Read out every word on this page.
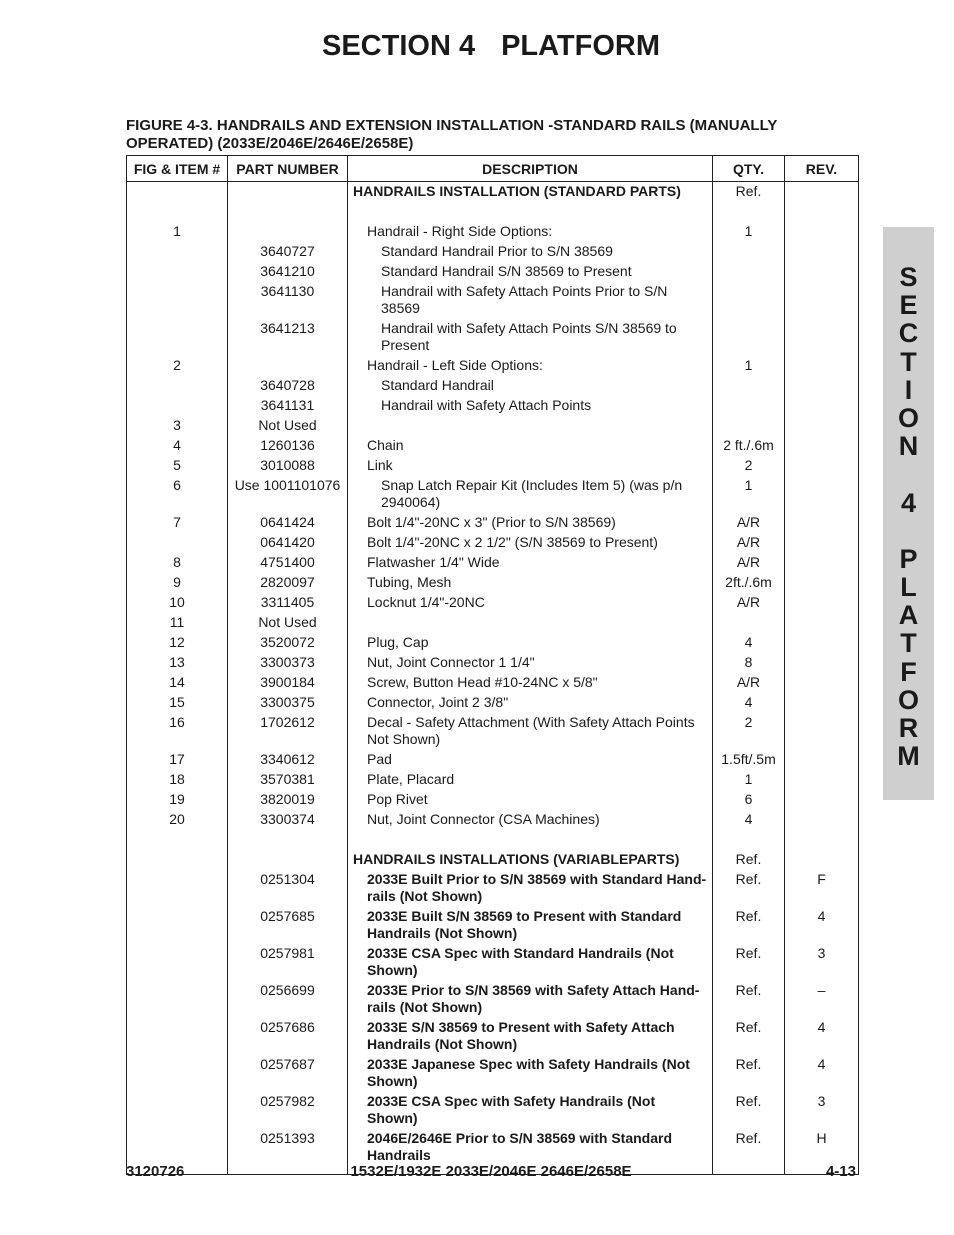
SECTION 4 PLATFORM
FIGURE 4-3. HANDRAILS AND EXTENSION INSTALLATION -STANDARD RAILS (MANUALLY
OPERATED) (2033E/2046E/2646E/2658E)
FIG & ITEM #	PART NUMBER	DESCRIPTION	QTY.	REV.
		HANDRAILS INSTALLATION (STANDARD PARTS)	Ref.	

1		Handrail - Right Side Options:	1	
	3640727	Standard Handrail Prior to S/N 38569		
	3641210	Standard Handrail S/N 38569 to Present		
	3641130	Handrail with Safety Attach Points Prior to S/N 38569		
	3641213	Handrail with Safety Attach Points S/N 38569 to Present		
2		Handrail - Left Side Options:	1	
	3640728	Standard Handrail		
	3641131	Handrail with Safety Attach Points		
3	Not Used			
4	1260136	Chain	2 ft./.6m	
5	3010088	Link	2	
6	Use 1001101076	Snap Latch Repair Kit (Includes Item 5) (was p/n 2940064)	1	
7	0641424	Bolt 1/4"-20NC x 3" (Prior to S/N 38569)	A/R	
	0641420	Bolt 1/4"-20NC x 2 1/2" (S/N 38569 to Present)	A/R	
8	4751400	Flatwasher 1/4" Wide	A/R	
9	2820097	Tubing, Mesh	2ft./.6m	
10	3311405	Locknut 1/4"-20NC	A/R	
11	Not Used			
12	3520072	Plug, Cap	4	
13	3300373	Nut, Joint Connector 1 1/4"	8	
14	3900184	Screw, Button Head #10-24NC x 5/8"	A/R	
15	3300375	Connector, Joint 2 3/8"	4	
16	1702612	Decal - Safety Attachment (With Safety Attach Points Not Shown)	2	
17	3340612	Pad	1.5ft/.5m	
18	3570381	Plate, Placard	1	
19	3820019	Pop Rivet	6	
20	3300374	Nut, Joint Connector (CSA Machines)	4	

		HANDRAILS INSTALLATIONS (VARIABLEPARTS)	Ref.	
	0251304	2033E Built Prior to S/N 38569 with Standard Hand-rails (Not Shown)	Ref.	F
	0257685	2033E Built S/N 38569 to Present with Standard Handrails (Not Shown)	Ref.	4
	0257981	2033E CSA Spec with Standard Handrails (Not Shown)	Ref.	3
	0256699	2033E Prior to S/N 38569 with Safety Attach Hand-rails (Not Shown)	Ref.	–
	0257686	2033E S/N 38569 to Present with Safety Attach Handrails (Not Shown)	Ref.	4
	0257687	2033E Japanese Spec with Safety Handrails (Not Shown)	Ref.	4
	0257982	2033E CSA Spec with Safety Handrails (Not Shown)	Ref.	3
	0251393	2046E/2646E Prior to S/N 38569 with Standard Handrails	Ref.	H
S
E
C
T
I
O
N

4

P
L
A
T
F
O
R
M
3120726	1532E/1932E 2033E/2046E 2646E/2658E	4-13
